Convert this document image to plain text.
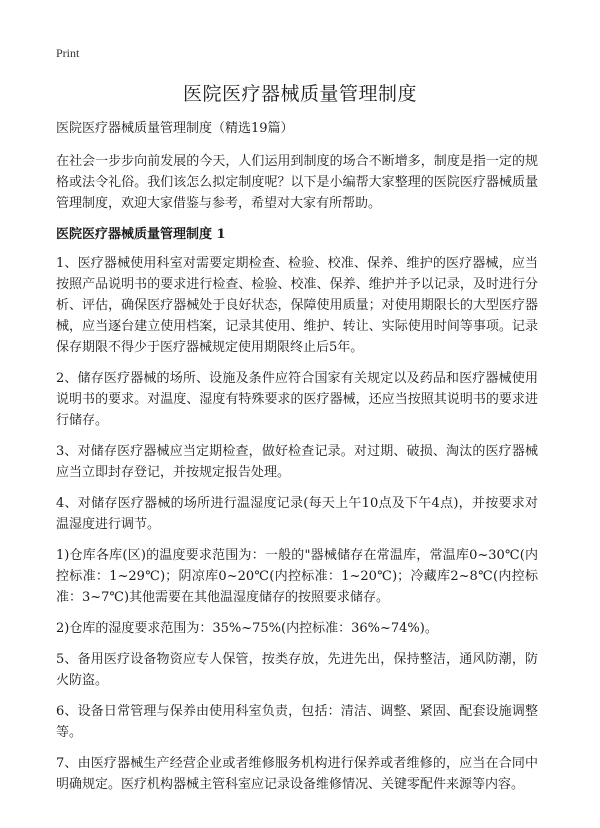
Print
医院医疗器械质量管理制度

医院医疗器械质量管理制度（精选19篇）

在社会一步步向前发展的今天，人们运用到制度的场合不断增多，制度是指一定的规格或法令礼俗。我们该怎么拟定制度呢？以下是小编帮大家整理的医院医疗器械质量管理制度，欢迎大家借鉴与参考，希望对大家有所帮助。

医院医疗器械质量管理制度 1

1、医疗器械使用科室对需要定期检查、检验、校准、保养、维护的医疗器械，应当按照产品说明书的要求进行检查、检验、校准、保养、维护并予以记录，及时进行分析、评估，确保医疗器械处于良好状态，保障使用质量；对使用期限长的大型医疗器械，应当逐台建立使用档案，记录其使用、维护、转让、实际使用时间等事项。记录保存期限不得少于医疗器械规定使用期限终止后5年。

2、储存医疗器械的场所、设施及条件应符合国家有关规定以及药品和医疗器械使用说明书的要求。对温度、湿度有特殊要求的医疗器械，还应当按照其说明书的要求进行储存。

3、对储存医疗器械应当定期检查，做好检查记录。对过期、破损、淘汰的医疗器械应当立即封存登记，并按规定报告处理。

4、对储存医疗器械的场所进行温湿度记录(每天上午10点及下午4点)，并按要求对温湿度进行调节。

1)仓库各库(区)的温度要求范围为：一般的"器械储存在常温库，常温库0~30℃(内控标准：1~29℃)；阴凉库0~20℃(内控标准：1~20℃)；冷藏库2~8℃(内控标准：3~7℃)其他需要在其他温湿度储存的按照要求储存。

2)仓库的湿度要求范围为：35%~75%(内控标准：36%~74%)。

5、备用医疗设备物资应专人保管，按类存放，先进先出，保持整洁，通风防潮，防火防盗。

6、设备日常管理与保养由使用科室负责，包括：清洁、调整、紧固、配套设施调整等。

7、由医疗器械生产经营企业或者维修服务机构进行保养或者维修的，应当在合同中明确规定。医疗机构器械主管科室应记录设备维修情况、关键零配件来源等内容。
